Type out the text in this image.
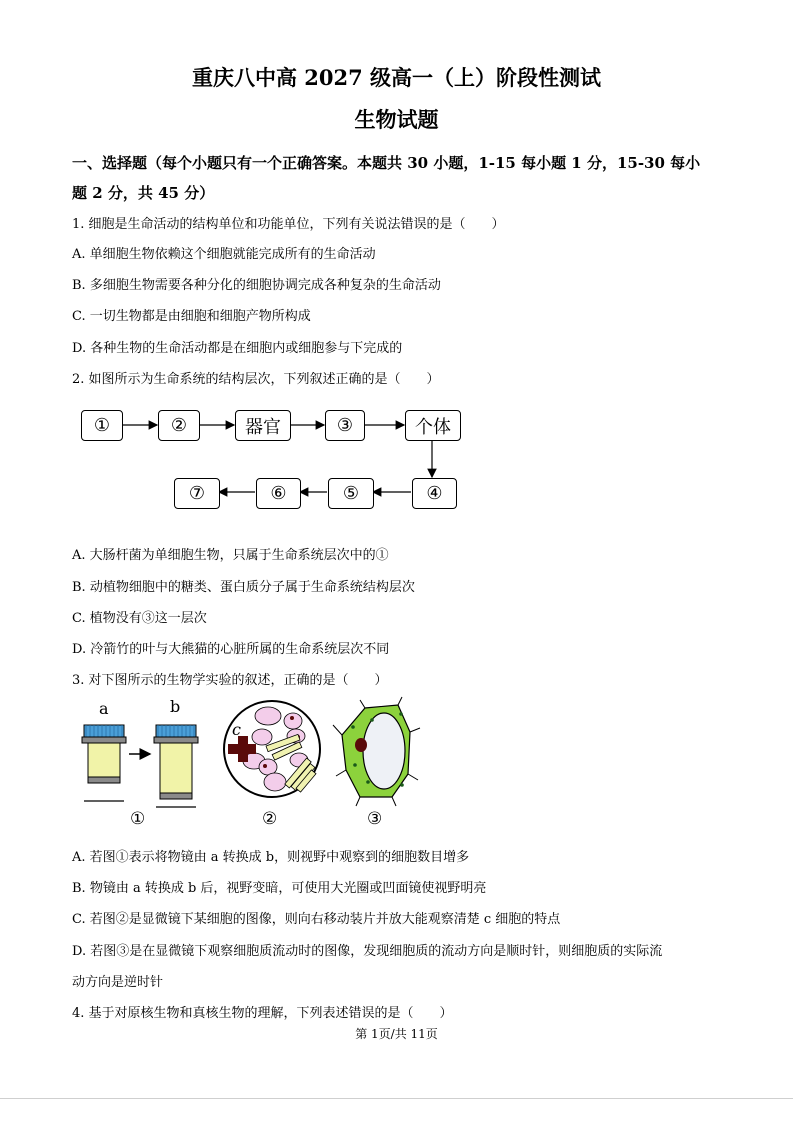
重庆八中高 2027 级高一（上）阶段性测试
生物试题
一、选择题（每个小题只有一个正确答案。本题共 30 小题，1-15 每小题 1 分，15-30 每小
题 2 分，共 45 分）
1. 细胞是生命活动的结构单位和功能单位，下列有关说法错误的是（　　）
A. 单细胞生物依赖这个细胞就能完成所有的生命活动
B. 多细胞生物需要各种分化的细胞协调完成各种复杂的生命活动
C. 一切生物都是由细胞和细胞产物所构成
D. 各种生物的生命活动都是在细胞内或细胞参与下完成的
2. 如图所示为生命系统的结构层次，下列叙述正确的是（　　）
①	②	器官	③	个体
⑦	⑥	⑤	④
A. 大肠杆菌为单细胞生物，只属于生命系统层次中的①
B. 动植物细胞中的糖类、蛋白质分子属于生命系统结构层次
C. 植物没有③这一层次
D. 冷箭竹的叶与大熊猫的心脏所属的生命系统层次不同
3. 对下图所示的生物学实验的叙述，正确的是（　　）
a	b
c
①	②	③
A. 若图①表示将物镜由 a 转换成 b，则视野中观察到的细胞数目增多
B. 物镜由 a 转换成 b 后，视野变暗，可使用大光圈或凹面镜使视野明亮
C. 若图②是显微镜下某细胞的图像，则向右移动装片并放大能观察清楚 c 细胞的特点
D. 若图③是在显微镜下观察细胞质流动时的图像，发现细胞质的流动方向是顺时针，则细胞质的实际流
动方向是逆时针
4. 基于对原核生物和真核生物的理解，下列表述错误的是（　　）
第 1页/共 11页
